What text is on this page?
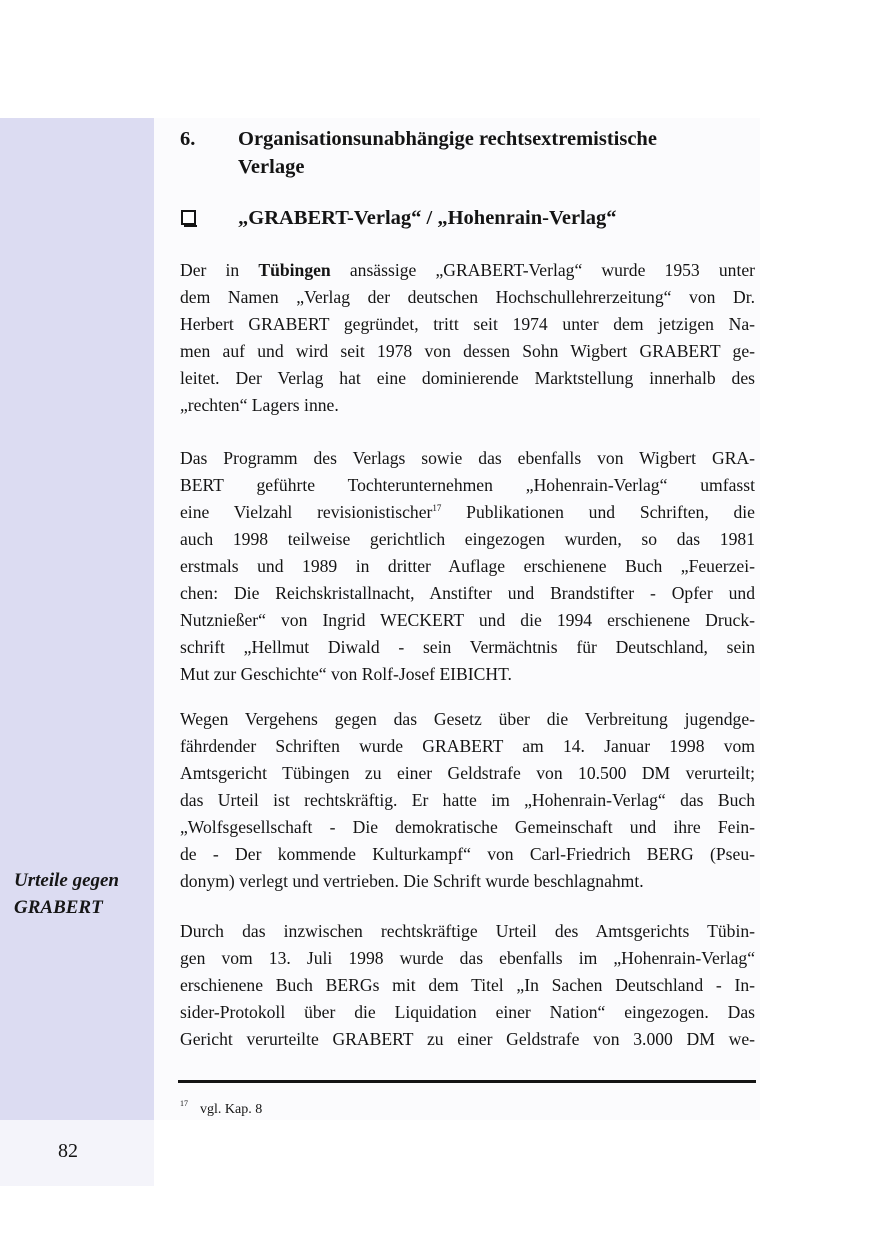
6. Organisationsunabhängige rechtsextremistische
Verlage
„GRABERT-Verlag“ / „Hohenrain-Verlag“
Der in Tübingen ansässige „GRABERT-Verlag“ wurde 1953 unter
dem Namen „Verlag der deutschen Hochschullehrerzeitung“ von Dr.
Herbert GRABERT gegründet, tritt seit 1974 unter dem jetzigen Na-
men auf und wird seit 1978 von dessen Sohn Wigbert GRABERT ge-
leitet. Der Verlag hat eine dominierende Marktstellung innerhalb des
„rechten“ Lagers inne.
Das Programm des Verlags sowie das ebenfalls von Wigbert GRA-
BERT geführte Tochterunternehmen „Hohenrain-Verlag“ umfasst
eine Vielzahl revisionistischer$^{17}$ Publikationen und Schriften, die
auch 1998 teilweise gerichtlich eingezogen wurden, so das 1981
erstmals und 1989 in dritter Auflage erschienene Buch „Feuerzei-
chen: Die Reichskristallnacht, Anstifter und Brandstifter - Opfer und
Nutznießer“ von Ingrid WECKERT und die 1994 erschienene Druck-
schrift „Hellmut Diwald - sein Vermächtnis für Deutschland, sein
Mut zur Geschichte“ von Rolf-Josef EIBICHT.
Wegen Vergehens gegen das Gesetz über die Verbreitung jugendge-
fährdender Schriften wurde GRABERT am 14. Januar 1998 vom
Amtsgericht Tübingen zu einer Geldstrafe von 10.500 DM verurteilt;
das Urteil ist rechtskräftig. Er hatte im „Hohenrain-Verlag“ das Buch
„Wolfsgesellschaft - Die demokratische Gemeinschaft und ihre Fein-
de - Der kommende Kulturkampf“ von Carl-Friedrich BERG (Pseu-
donym) verlegt und vertrieben. Die Schrift wurde beschlagnahmt.
Durch das inzwischen rechtskräftige Urteil des Amtsgerichts Tübin-
gen vom 13. Juli 1998 wurde das ebenfalls im „Hohenrain-Verlag“
erschienene Buch BERGs mit dem Titel „In Sachen Deutschland - In-
sider-Protokoll über die Liquidation einer Nation“ eingezogen. Das
Gericht verurteilte GRABERT zu einer Geldstrafe von 3.000 DM we-
Urteile gegen
GRABERT
$^{17}$ vgl. Kap. 8
82
